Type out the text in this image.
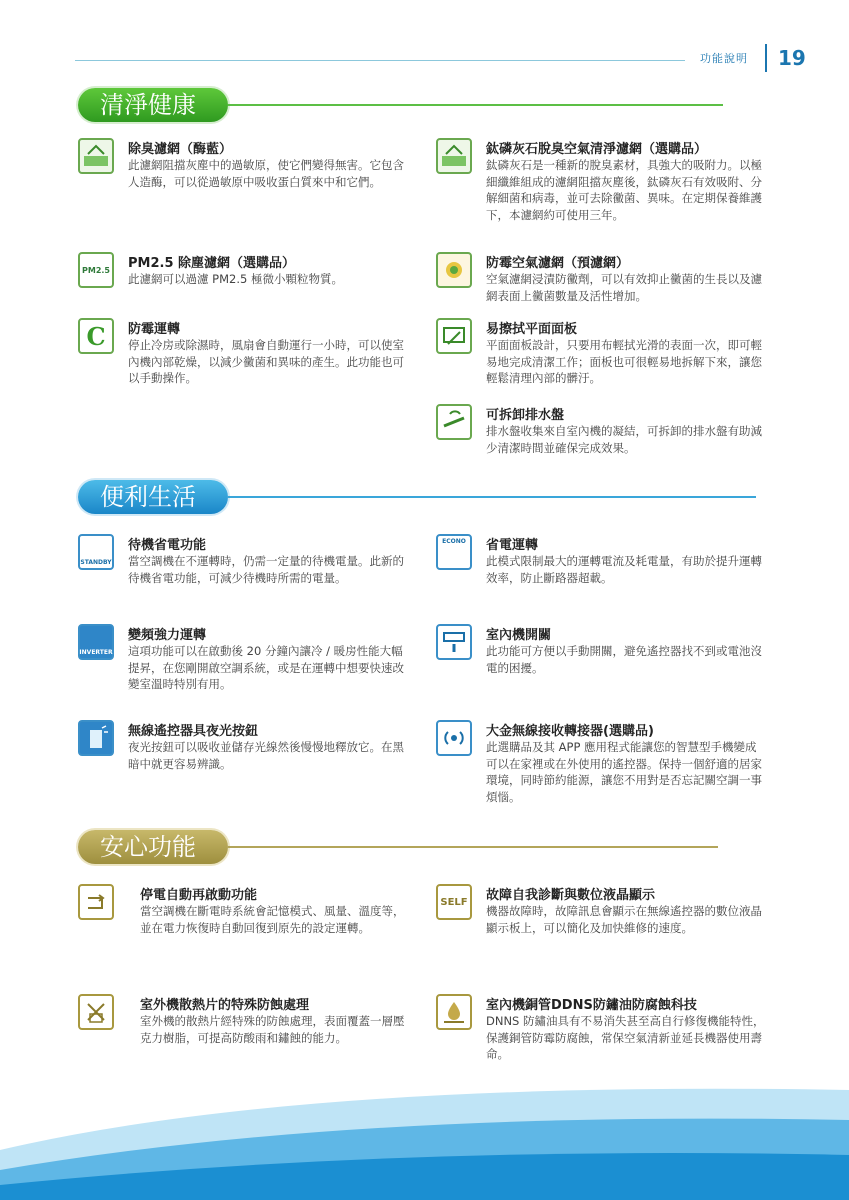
功能說明 19
清淨健康
除臭濾網（酶藍）
此濾網阻擋灰塵中的過敏原，使它們變得無害。它包含人造酶，可以從過敏原中吸收蛋白質來中和它們。
鈦磷灰石脫臭空氣清淨濾網（選購品）
鈦磷灰石是一種新的脫臭素材，具強大的吸附力。以極細纖維組成的濾網阻擋灰塵後，鈦磷灰石有效吸附、分解細菌和病毒，並可去除黴菌、異味。在定期保養維護下，本濾網約可使用三年。
PM2.5	PM2.5 除塵濾網（選購品）
此濾網可以過濾 PM2.5 極微小顆粒物質。
防霉空氣濾網（預濾網）
空氣濾網浸漬防黴劑，可以有效抑止黴菌的生長以及濾網表面上黴菌數量及活性增加。
C	防霉運轉
停止冷房或除濕時，風扇會自動運行一小時，可以使室內機內部乾燥，以減少黴菌和異味的產生。此功能也可以手動操作。
易擦拭平面面板
平面面板設計，只要用布輕拭光滑的表面一次，即可輕易地完成清潔工作；面板也可很輕易地拆解下來，讓您輕鬆清理內部的髒汙。
可拆卸排水盤
排水盤收集來自室內機的凝結，可拆卸的排水盤有助減少清潔時間並確保完成效果。
便利生活
STANDBY
待機省電功能
當空調機在不運轉時，仍需一定量的待機電量。此新的待機省電功能，可減少待機時所需的電量。
ECONO	省電運轉
此模式限制最大的運轉電流及耗電量，有助於提升運轉效率，防止斷路器超載。
INVERTER
變頻強力運轉
這項功能可以在啟動後 20 分鐘內讓冷 / 暖房性能大幅提昇，在您剛開啟空調系統，或是在運轉中想要快速改變室溫時特別有用。
室內機開關
此功能可方便以手動開關，避免遙控器找不到或電池沒電的困擾。
無線遙控器具夜光按鈕
夜光按鈕可以吸收並儲存光線然後慢慢地釋放它。在黑暗中就更容易辨識。
大金無線接收轉接器(選購品)
此選購品及其 APP 應用程式能讓您的智慧型手機變成可以在家裡或在外使用的遙控器。保持一個舒適的居家環境，同時節約能源，讓您不用對是否忘記關空調一事煩惱。
安心功能
停電自動再啟動功能
當空調機在斷電時系統會記憶模式、風量、溫度等，並在電力恢復時自動回復到原先的設定運轉。
SELF	故障自我診斷與數位液晶顯示
機器故障時，故障訊息會顯示在無線遙控器的數位液晶顯示板上，可以簡化及加快維修的速度。
室外機散熱片的特殊防蝕處理
室外機的散熱片經特殊的防蝕處理，表面覆蓋一層壓克力樹脂，可提高防酸雨和鏽蝕的能力。
室內機銅管DDNS防鏽油防腐蝕科技
DNNS 防鏽油具有不易消失甚至高自行修復機能特性，保護銅管防霉防腐蝕，常保空氣清新並延長機器使用壽命。
